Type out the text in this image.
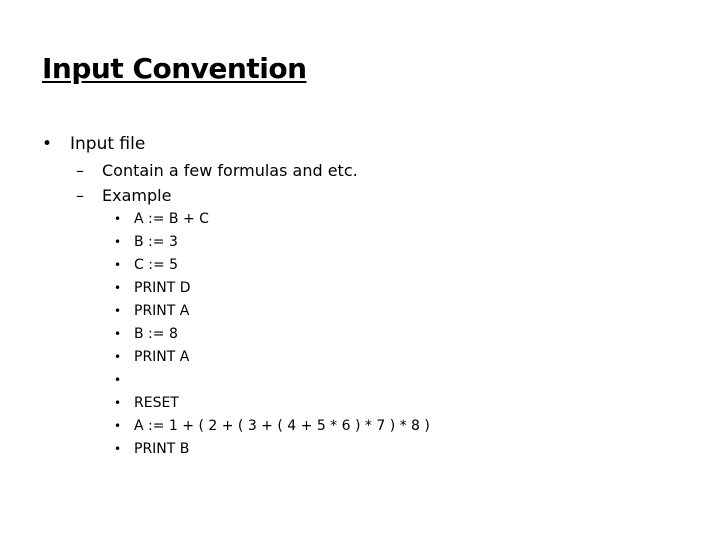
Input Convention
•	Input file
–	Contain a few formulas and etc.
–	Example
• A := B + C
• B := 3
• C := 5
• PRINT D
• PRINT A
• B := 8
• PRINT A
•
• RESET
• A := 1 + ( 2 + ( 3 + ( 4 + 5 * 6 ) * 7 ) * 8 )
• PRINT B
